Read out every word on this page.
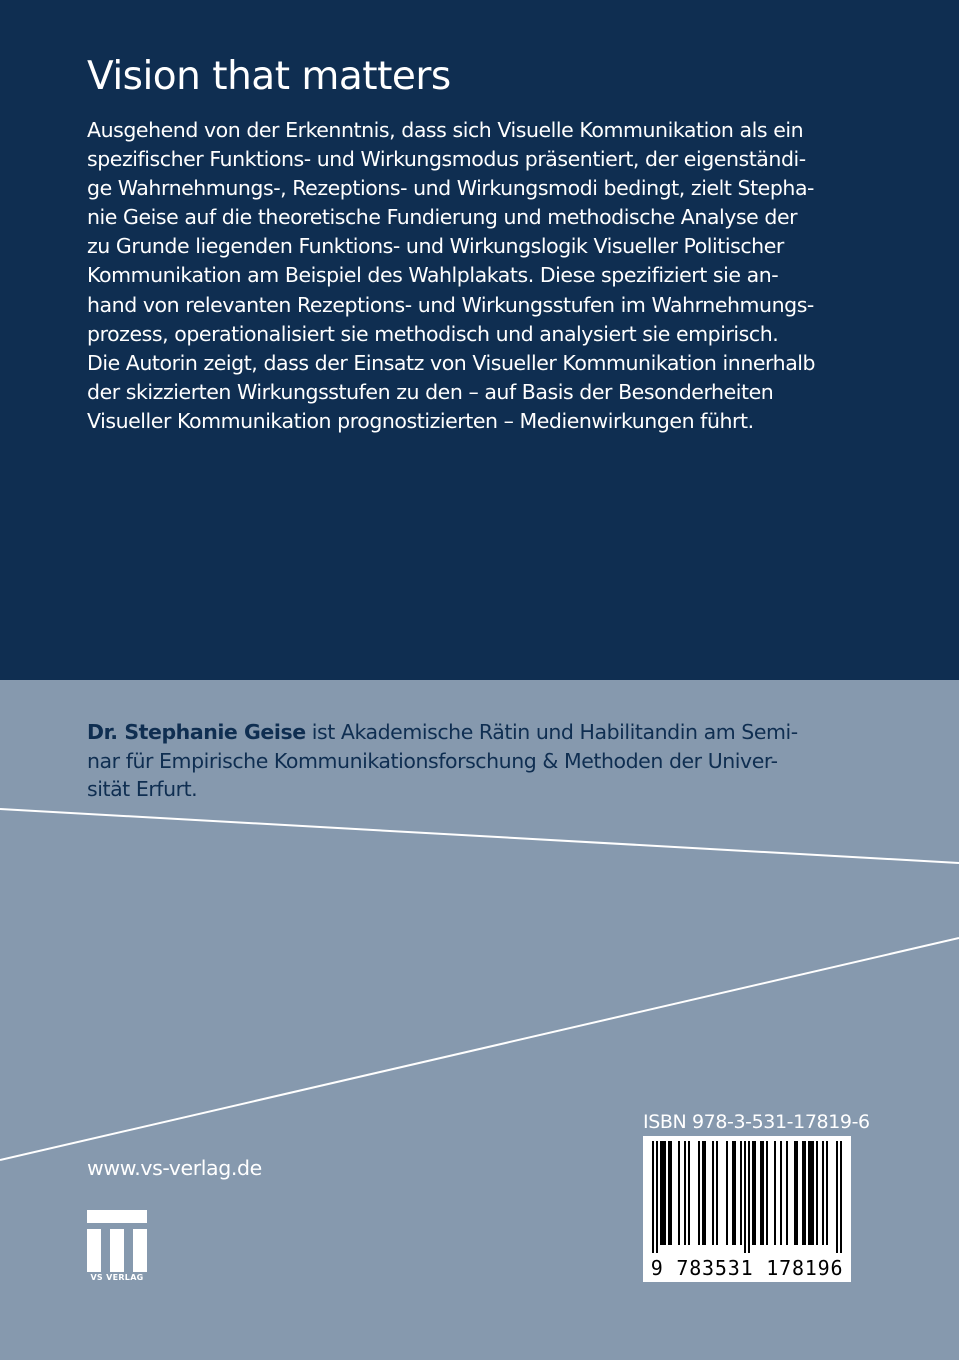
Vision that matters
Ausgehend von der Erkenntnis, dass sich Visuelle Kommunikation als ein
spezifischer Funktions- und Wirkungsmodus präsentiert, der eigenständi-
ge Wahrnehmungs-, Rezeptions- und Wirkungsmodi bedingt, zielt Stepha-
nie Geise auf die theoretische Fundierung und methodische Analyse der
zu Grunde liegenden Funktions- und Wirkungslogik Visueller Politischer
Kommunikation am Beispiel des Wahlplakats. Diese spezifiziert sie an-
hand von relevanten Rezeptions- und Wirkungsstufen im Wahrnehmungs-
prozess, operationalisiert sie methodisch und analysiert sie empirisch.
Die Autorin zeigt, dass der Einsatz von Visueller Kommunikation innerhalb
der skizzierten Wirkungsstufen zu den – auf Basis der Besonderheiten
Visueller Kommunikation prognostizierten – Medienwirkungen führt.
Dr. Stephanie Geise ist Akademische Rätin und Habilitandin am Semi-
nar für Empirische Kommunikationsforschung & Methoden der Univer-
sität Erfurt.

www.vs-verlag.de

VS VERLAG

ISBN 978-3-531-17819-6

9 783531 178196
